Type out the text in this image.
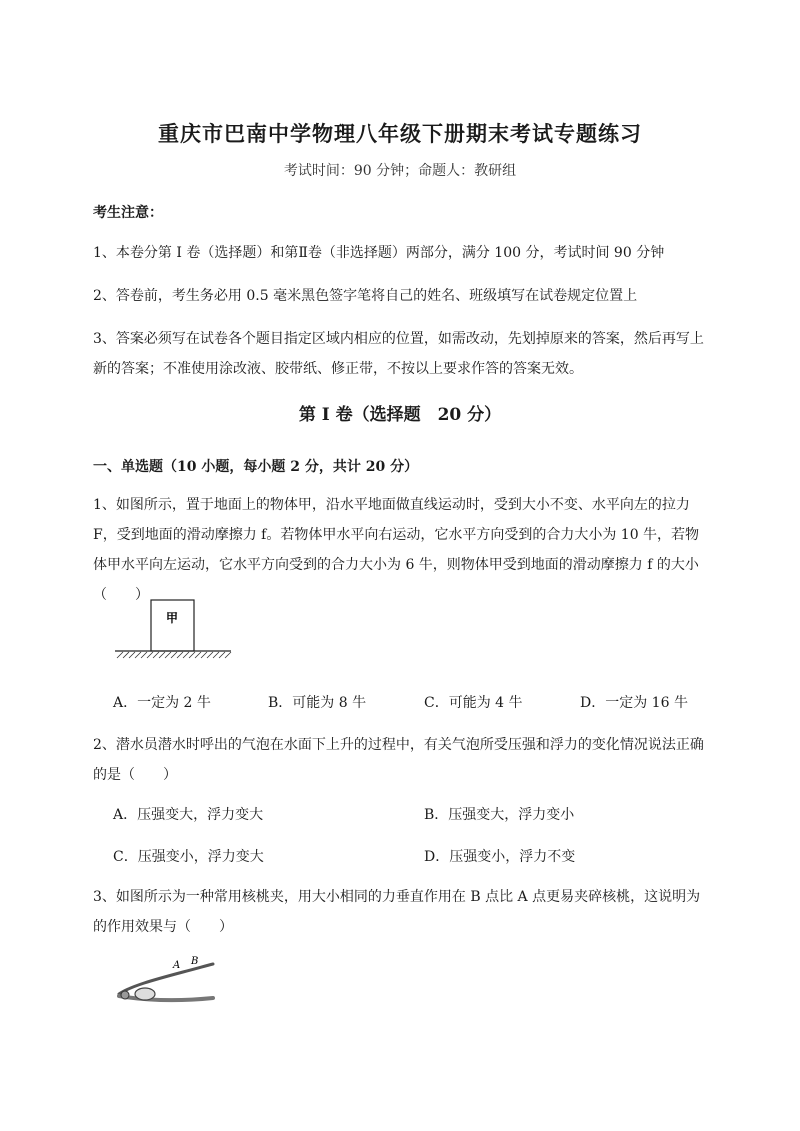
重庆市巴南中学物理八年级下册期末考试专题练习
考试时间：90 分钟；命题人：教研组
考生注意：
1、本卷分第 I 卷（选择题）和第Ⅱ卷（非选择题）两部分，满分 100 分，考试时间 90 分钟
2、答卷前，考生务必用 0.5 毫米黑色签字笔将自己的姓名、班级填写在试卷规定位置上
3、答案必须写在试卷各个题目指定区域内相应的位置，如需改动，先划掉原来的答案，然后再写上新的答案；不准使用涂改液、胶带纸、修正带，不按以上要求作答的答案无效。
第 I 卷（选择题　20 分）
一、单选题（10 小题，每小题 2 分，共计 20 分）
1、如图所示，置于地面上的物体甲，沿水平地面做直线运动时，受到大小不变、水平向左的拉力 F，受到地面的滑动摩擦力 f。若物体甲水平向右运动，它水平方向受到的合力大小为 10 牛，若物体甲水平向左运动，它水平方向受到的合力大小为 6 牛，则物体甲受到地面的滑动摩擦力 f 的大小（　　）
甲
A．一定为 2 牛	B．可能为 8 牛	C．可能为 4 牛	D．一定为 16 牛
2、潜水员潜水时呼出的气泡在水面下上升的过程中，有关气泡所受压强和浮力的变化情况说法正确的是（　　）
A．压强变大，浮力变大	B．压强变大，浮力变小
C．压强变小，浮力变大	D．压强变小，浮力不变
3、如图所示为一种常用核桃夹，用大小相同的力垂直作用在 B 点比 A 点更易夹碎核桃，这说明为的作用效果与（　　）
A B
